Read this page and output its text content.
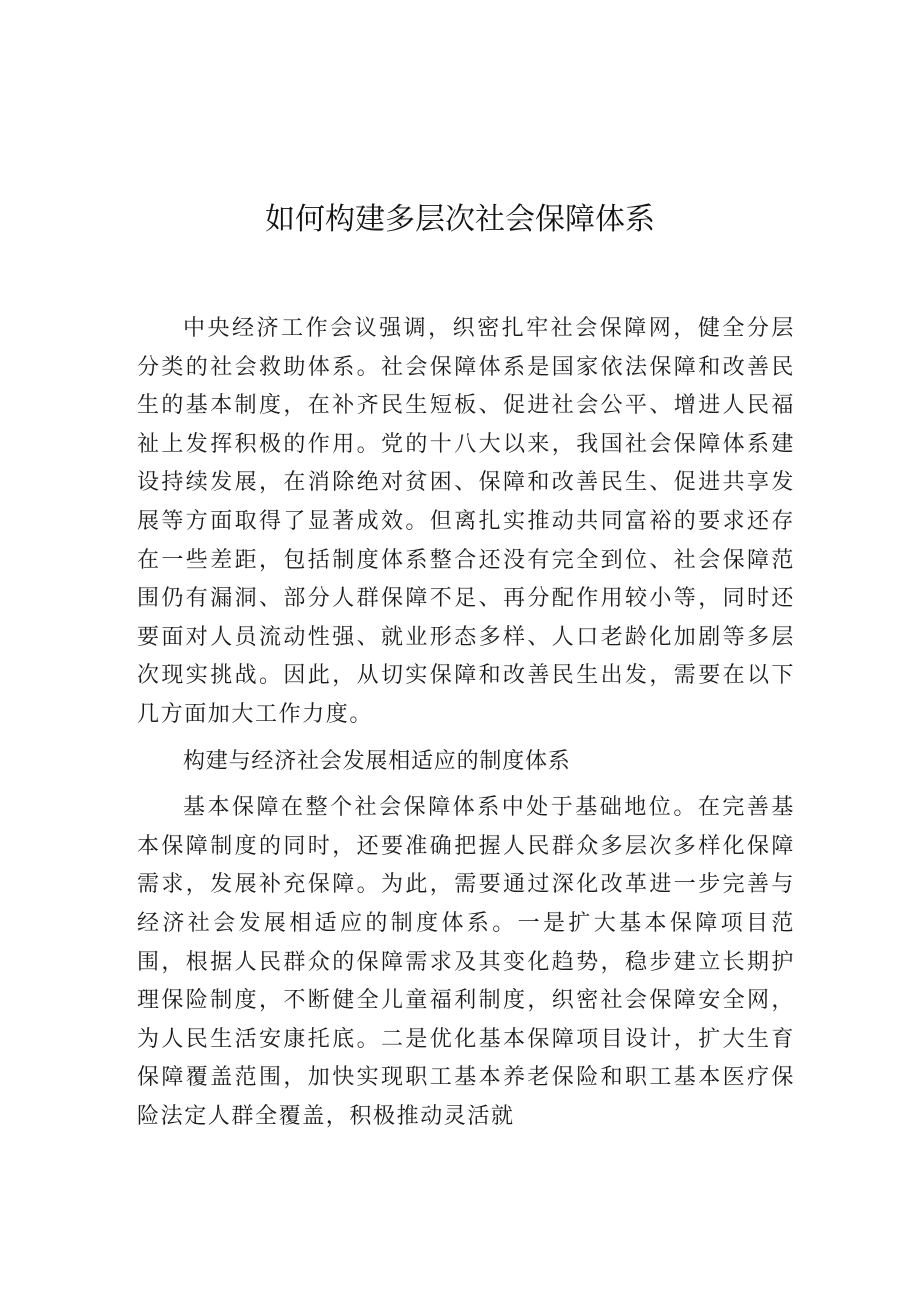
如何构建多层次社会保障体系

中央经济工作会议强调，织密扎牢社会保障网，健全分层分类的社会救助体系。社会保障体系是国家依法保障和改善民生的基本制度，在补齐民生短板、促进社会公平、增进人民福祉上发挥积极的作用。党的十八大以来，我国社会保障体系建设持续发展，在消除绝对贫困、保障和改善民生、促进共享发展等方面取得了显著成效。但离扎实推动共同富裕的要求还存在一些差距，包括制度体系整合还没有完全到位、社会保障范围仍有漏洞、部分人群保障不足、再分配作用较小等，同时还要面对人员流动性强、就业形态多样、人口老龄化加剧等多层次现实挑战。因此，从切实保障和改善民生出发，需要在以下几方面加大工作力度。

构建与经济社会发展相适应的制度体系

基本保障在整个社会保障体系中处于基础地位。在完善基本保障制度的同时，还要准确把握人民群众多层次多样化保障需求，发展补充保障。为此，需要通过深化改革进一步完善与经济社会发展相适应的制度体系。一是扩大基本保障项目范围，根据人民群众的保障需求及其变化趋势，稳步建立长期护理保险制度，不断健全儿童福利制度，织密社会保障安全网，为人民生活安康托底。二是优化基本保障项目设计，扩大生育保障覆盖范围，加快实现职工基本养老保险和职工基本医疗保险法定人群全覆盖，积极推动灵活就
